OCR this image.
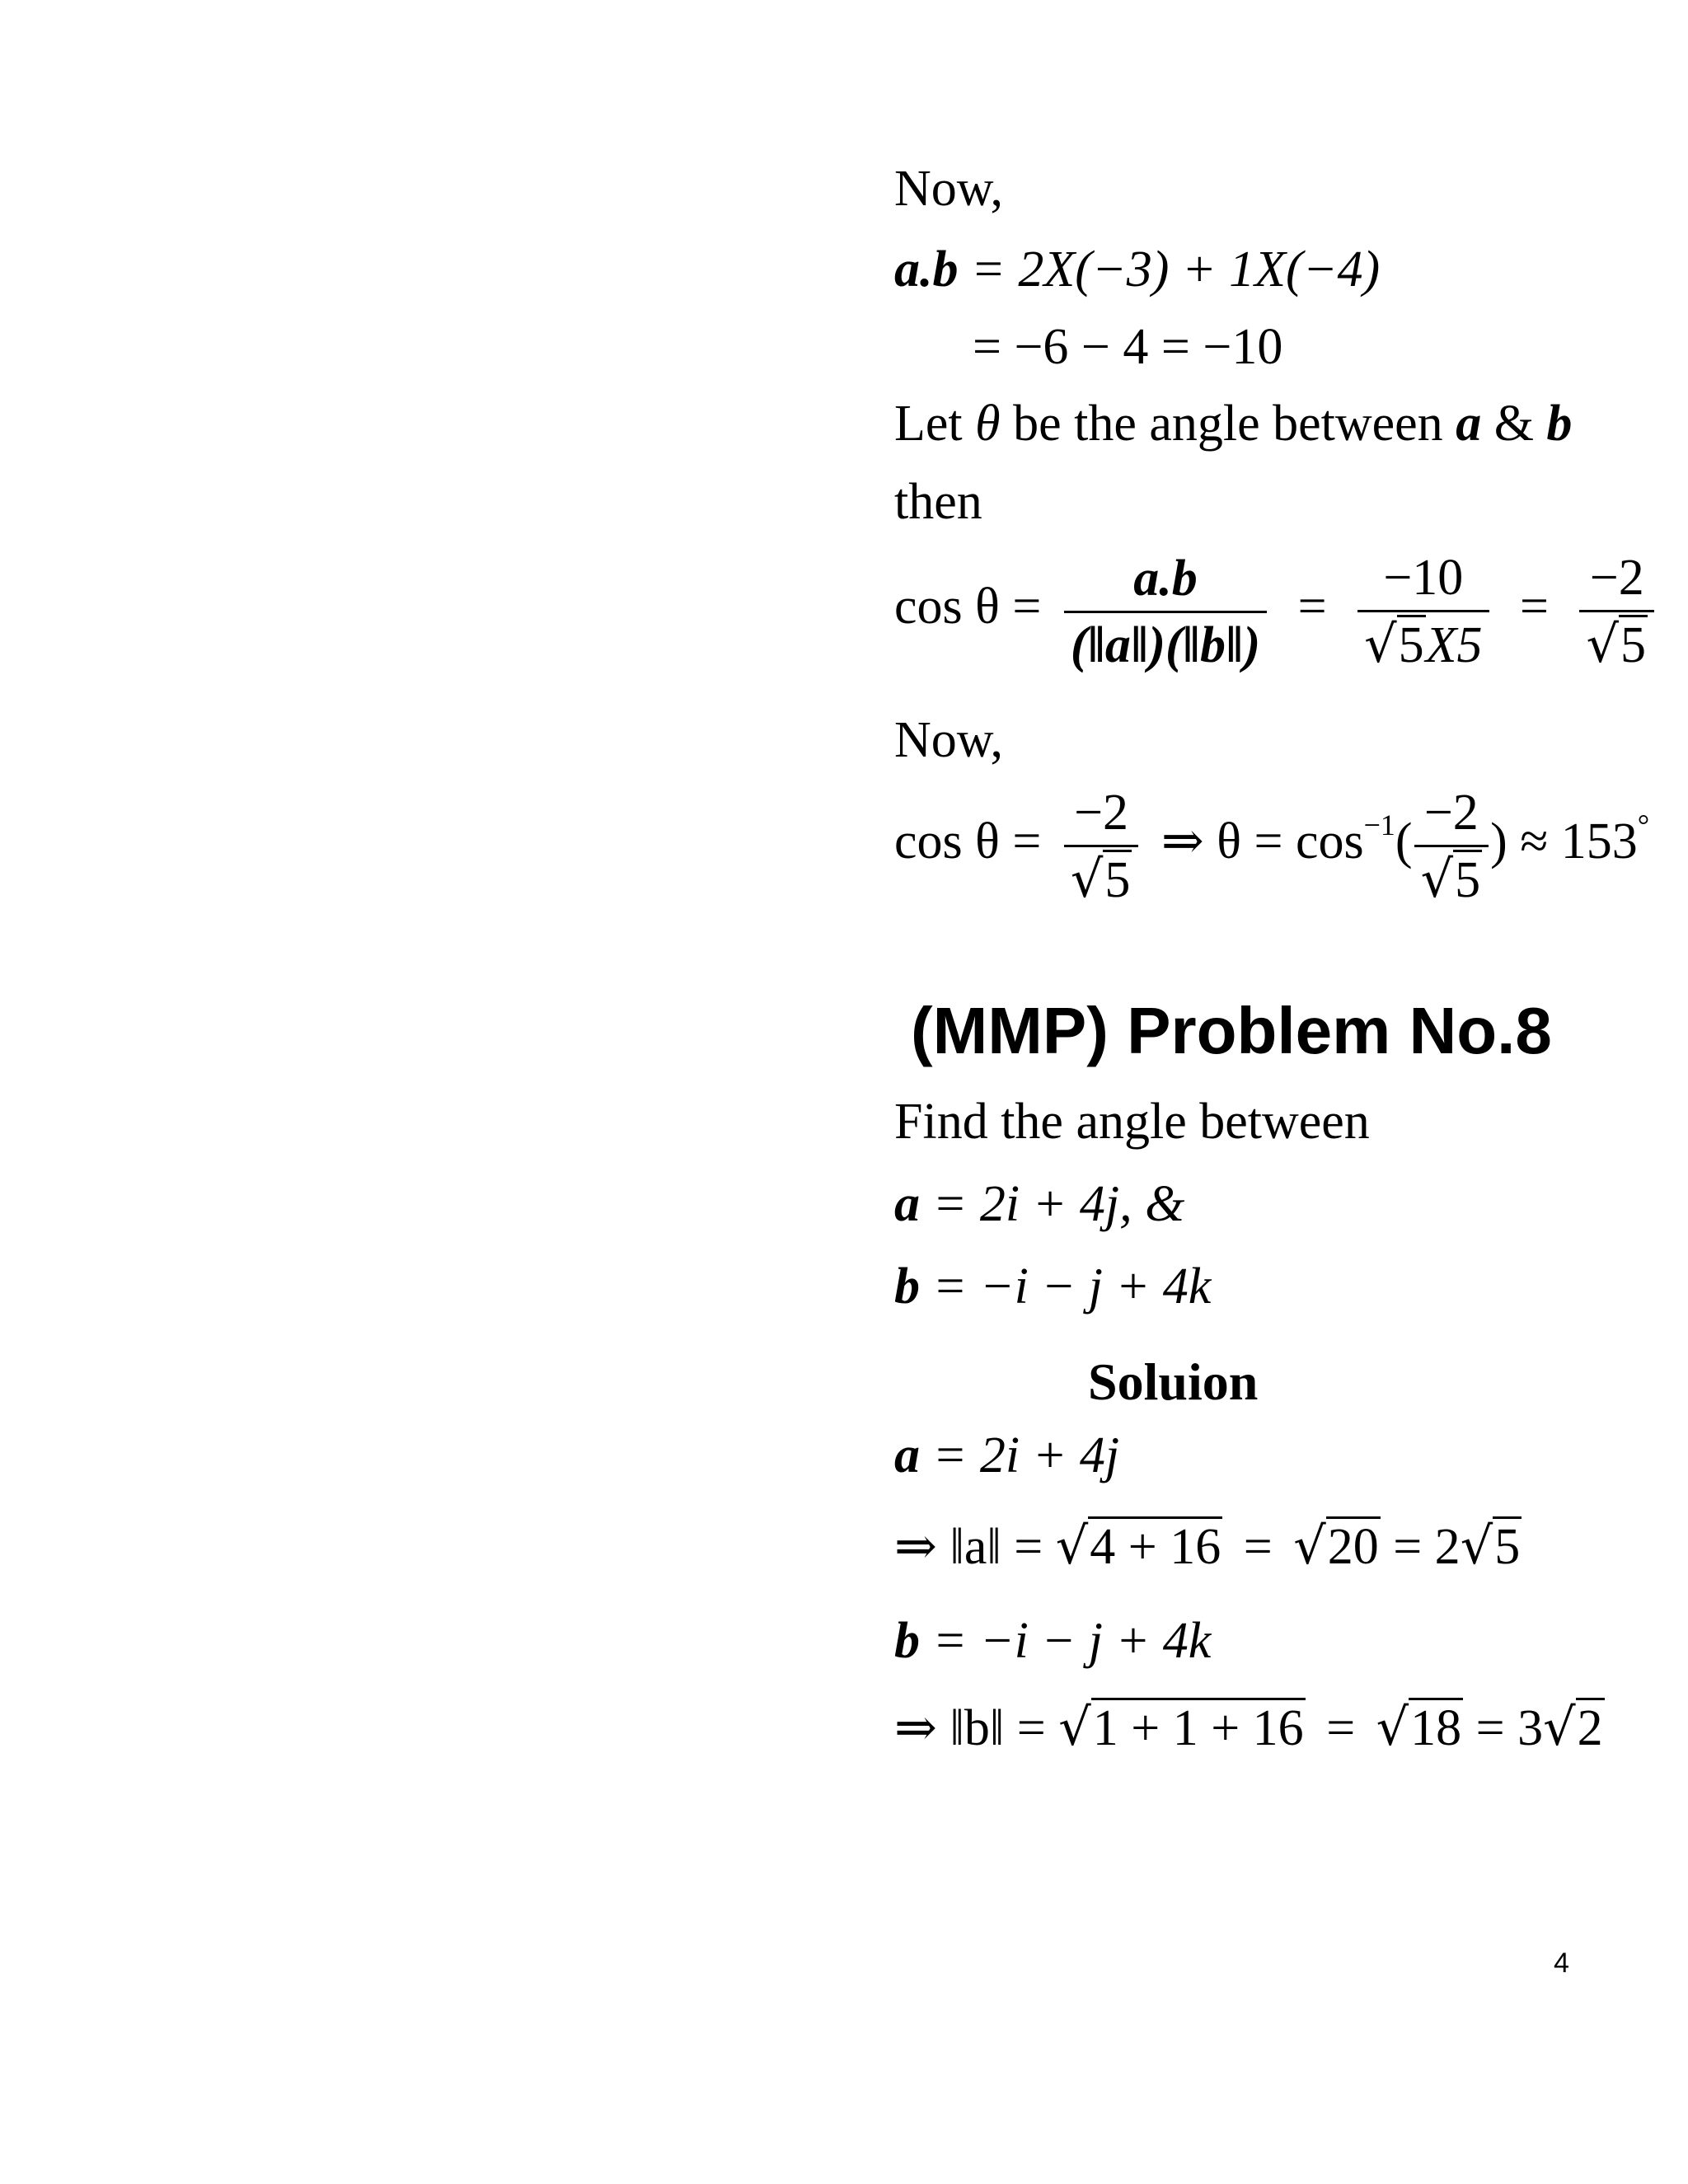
Now,
a.b = 2X(−3) + 1X(−4)
= −6 − 4 = −10
Let θ be the angle between a & b
then
$\cos \theta = \frac{a.b}{(‖a‖)(‖b‖)} = \frac{-10}{√5X5} = \frac{-2}{√5}$
Now,
$\cos \theta = \frac{-2}{√5}$ ⇒ $\theta = \cos^{-1}( \frac{-2}{√5}$ ) ≈ 153°
(MMP) Problem No.8
Find the angle between
a = 2i + 4j, &
b = −i − j + 4k
Soluion
a = 2i + 4j
⇒ ‖a‖ = √4 + 16 = √20 = 2√5
b = −i − j + 4k
⇒ ‖b‖ = √1 + 1 + 16 = √18 = 3√2
4
